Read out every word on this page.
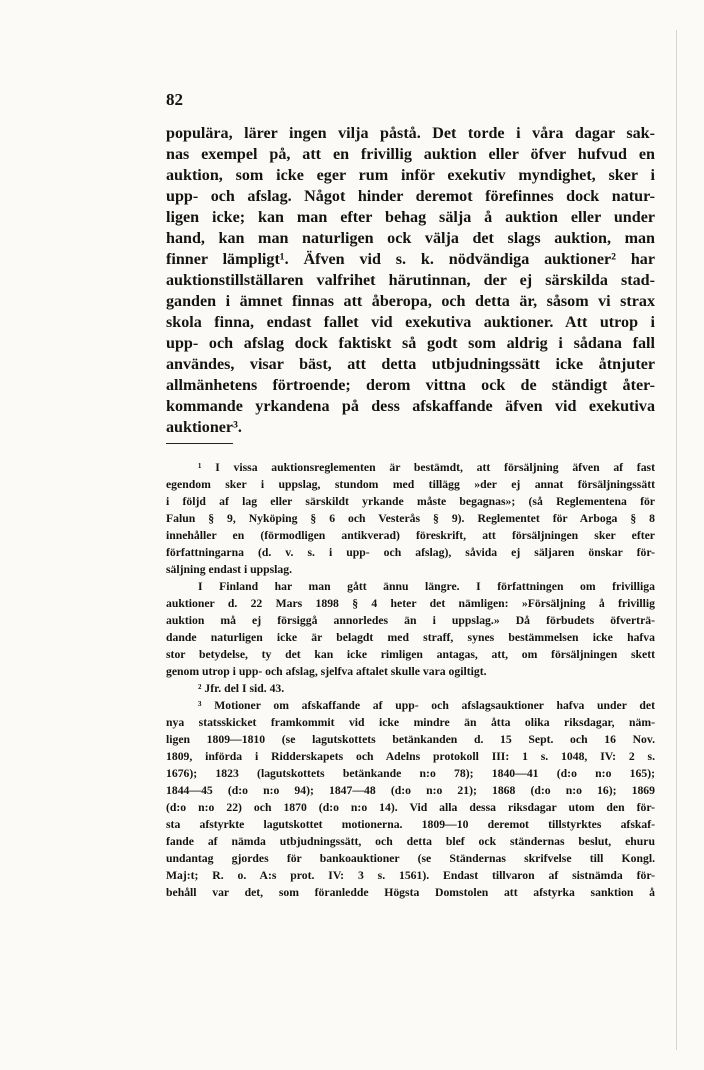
82
populära, lärer ingen vilja påstå. Det torde i våra dagar sak-
nas exempel på, att en frivillig auktion eller öfver hufvud en
auktion, som icke eger rum inför exekutiv myndighet, sker i
upp- och afslag. Något hinder deremot förefinnes dock natur-
ligen icke; kan man efter behag sälja å auktion eller under
hand, kan man naturligen ock välja det slags auktion, man
finner lämpligt¹. Äfven vid s. k. nödvändiga auktioner² har
auktionstillställaren valfrihet härutinnan, der ej särskilda stad-
ganden i ämnet finnas att åberopa, och detta är, såsom vi strax
skola finna, endast fallet vid exekutiva auktioner. Att utrop i
upp- och afslag dock faktiskt så godt som aldrig i sådana fall
användes, visar bäst, att detta utbjudningssätt icke åtnjuter
allmänhetens förtroende; derom vittna ock de ständigt åter-
kommande yrkandena på dess afskaffande äfven vid exekutiva
auktioner³.
¹ I vissa auktionsreglementen är bestämdt, att försäljning äfven af fast
egendom sker i uppslag, stundom med tillägg »der ej annat försäljningssätt
i följd af lag eller särskildt yrkande måste begagnas»; (så Reglementena för
Falun § 9, Nyköping § 6 och Vesterås § 9). Reglementet för Arboga § 8
innehåller en (förmodligen antikverad) föreskrift, att försäljningen sker efter
författningarna (d. v. s. i upp- och afslag), såvida ej säljaren önskar för-
säljning endast i uppslag.
I Finland har man gått ännu längre. I författningen om frivilliga
auktioner d. 22 Mars 1898 § 4 heter det nämligen: »Försäljning å frivillig
auktion må ej försiggå annorledes än i uppslag.» Då förbudets öfverträ-
dande naturligen icke är belagdt med straff, synes bestämmelsen icke hafva
stor betydelse, ty det kan icke rimligen antagas, att, om försäljningen skett
genom utrop i upp- och afslag, sjelfva aftalet skulle vara ogiltigt.
² Jfr. del I sid. 43.
³ Motioner om afskaffande af upp- och afslagsauktioner hafva under det
nya statsskicket framkommit vid icke mindre än åtta olika riksdagar, näm-
ligen 1809—1810 (se lagutskottets betänkanden d. 15 Sept. och 16 Nov.
1809, införda i Ridderskapets och Adelns protokoll III: 1 s. 1048, IV: 2 s.
1676); 1823 (lagutskottets betänkande n:o 78); 1840—41 (d:o n:o 165);
1844—45 (d:o n:o 94); 1847—48 (d:o n:o 21); 1868 (d:o n:o 16); 1869
(d:o n:o 22) och 1870 (d:o n:o 14). Vid alla dessa riksdagar utom den för-
sta afstyrkte lagutskottet motionerna. 1809—10 deremot tillstyrktes afskaf-
fande af nämda utbjudningssätt, och detta blef ock ständernas beslut, ehuru
undantag gjordes för bankoauktioner (se Ständernas skrifvelse till Kongl.
Maj:t; R. o. A:s prot. IV: 3 s. 1561). Endast tillvaron af sistnämda för-
behåll var det, som föranledde Högsta Domstolen att afstyrka sanktion å
